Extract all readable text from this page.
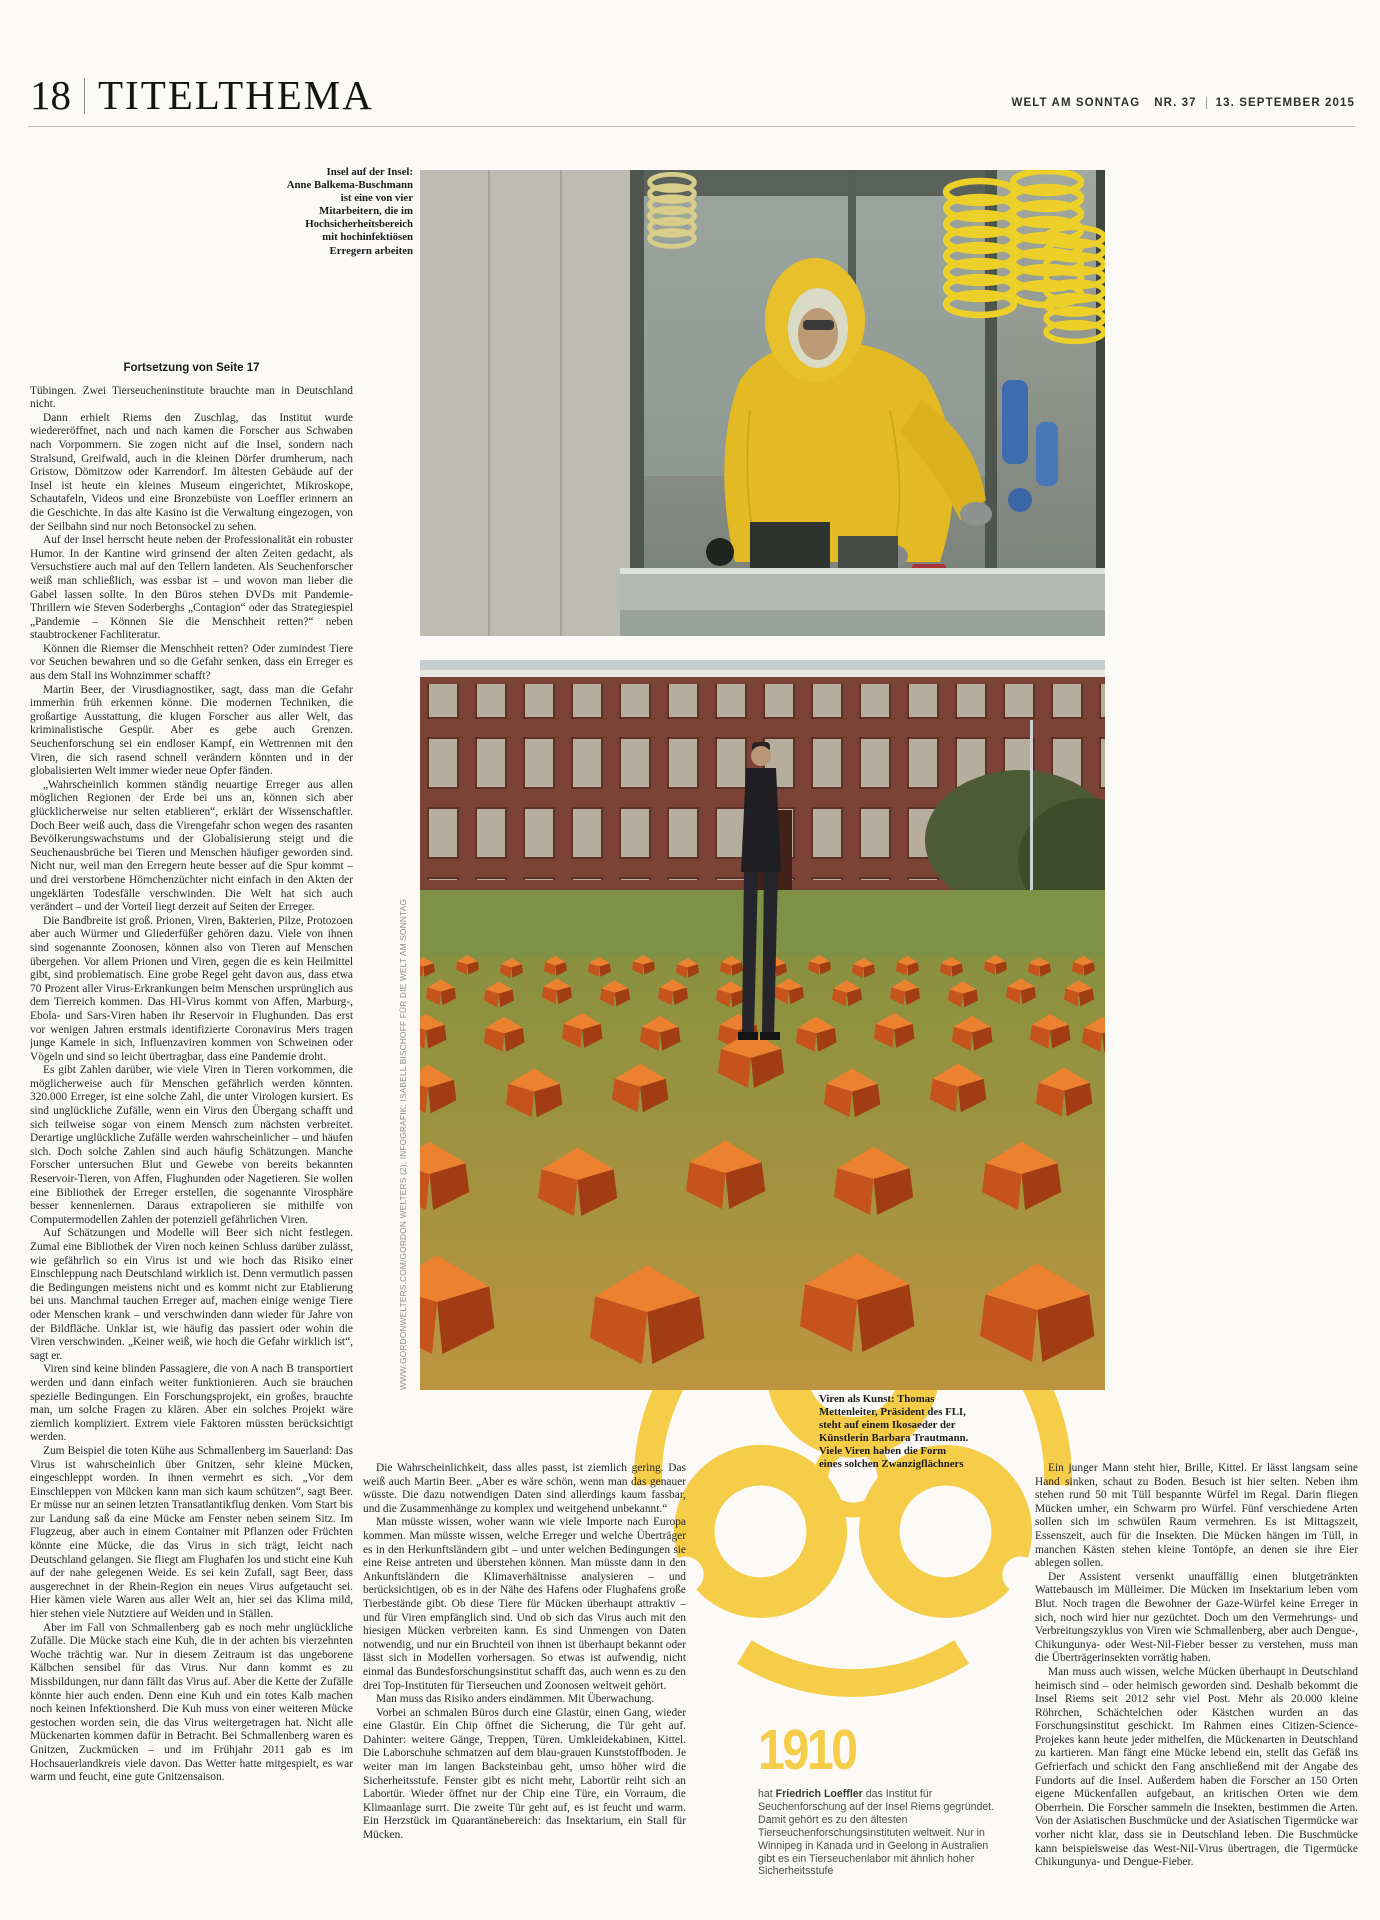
18 TITELTHEMA	WELT AM SONNTAG NR. 37 13. SEPTEMBER 2015
Insel auf der Insel:
Anne Balkema-Buschmann
ist eine von vier
Mitarbeitern, die im
Hochsicherheitsbereich
mit hochinfektiösen
Erregern arbeiten
WWW.GORDONWELTERS.COM/GORDON WELTERS (2); INFOGRAFIK: ISABELL BISCHOFF FÜR DIE WELT AM SONNTAG
Viren als Kunst: Thomas
Mettenleiter, Präsident des FLI,
steht auf einem Ikosaeder der
Künstlerin Barbara Trautmann.
Viele Viren haben die Form
eines solchen Zwanzigflächners
1910
hat Friedrich Loeffler das Institut für Seuchenforschung auf der Insel Riems gegründet. Damit gehört es zu den ältesten Tierseuchenforschungsinstituten weltweit. Nur in Winnipeg in Kanada und in Geelong in Australien gibt es ein Tierseuchenlabor mit ähnlich hoher Sicherheitsstufe
Fortsetzung von Seite 17

Tübingen. Zwei Tierseucheninstitute brauchte man in Deutschland nicht.

Dann erhielt Riems den Zuschlag, das Institut wurde wiedereröffnet, nach und nach kamen die Forscher aus Schwaben nach Vorpommern. Sie zogen nicht auf die Insel, sondern nach Stralsund, Greifwald, auch in die kleinen Dörfer drumherum, nach Gristow, Dömitzow oder Karrendorf. Im ältesten Gebäude auf der Insel ist heute ein kleines Museum eingerichtet, Mikroskope, Schautafeln, Videos und eine Bronzebüste von Loeffler erinnern an die Geschichte. In das alte Kasino ist die Verwaltung eingezogen, von der Seilbahn sind nur noch Betonsockel zu sehen.

Auf der Insel herrscht heute neben der Professionalität ein robuster Humor. In der Kantine wird grinsend der alten Zeiten gedacht, als Versuchstiere auch mal auf den Tellern landeten. Als Seuchenforscher weiß man schließlich, was essbar ist – und wovon man lieber die Gabel lassen sollte. In den Büros stehen DVDs mit Pandemie-Thrillern wie Steven Soderberghs „Contagion“ oder das Strategiespiel „Pandemie – Können Sie die Menschheit retten?“ neben staubtrockener Fachliteratur.

Können die Riemser die Menschheit retten? Oder zumindest Tiere vor Seuchen bewahren und so die Gefahr senken, dass ein Erreger es aus dem Stall ins Wohnzimmer schafft?

Martin Beer, der Virusdiagnostiker, sagt, dass man die Gefahr immerhin früh erkennen könne. Die modernen Techniken, die großartige Ausstattung, die klugen Forscher aus aller Welt, das kriminalistische Gespür. Aber es gebe auch Grenzen. Seuchenforschung sei ein endloser Kampf, ein Wettrennen mit den Viren, die sich rasend schnell verändern könnten und in der globalisierten Welt immer wieder neue Opfer fänden.

„Wahrscheinlich kommen ständig neuartige Erreger aus allen möglichen Regionen der Erde bei uns an, können sich aber glücklicherweise nur selten etablieren“, erklärt der Wissenschaftler. Doch Beer weiß auch, dass die Virengefahr schon wegen des rasanten Bevölkerungswachstums und der Globalisierung steigt und die Seuchenausbrüche bei Tieren und Menschen häufiger geworden sind. Nicht nur, weil man den Erregern heute besser auf die Spur kommt – und drei verstorbene Hörnchenzüchter nicht einfach in den Akten der ungeklärten Todesfälle verschwinden. Die Welt hat sich auch verändert – und der Vorteil liegt derzeit auf Seiten der Erreger.

Die Bandbreite ist groß. Prionen, Viren, Bakterien, Pilze, Protozoen aber auch Würmer und Gliederfüßer gehören dazu. Viele von ihnen sind sogenannte Zoonosen, können also von Tieren auf Menschen übergehen. Vor allem Prionen und Viren, gegen die es kein Heilmittel gibt, sind problematisch. Eine grobe Regel geht davon aus, dass etwa 70 Prozent aller Virus-Erkrankungen beim Menschen ursprünglich aus dem Tierreich kommen. Das HI-Virus kommt von Affen, Marburg-, Ebola- und Sars-Viren haben ihr Reservoir in Flughunden. Das erst vor wenigen Jahren erstmals identifizierte Coronavirus Mers tragen junge Kamele in sich, Influenzaviren kommen von Schweinen oder Vögeln und sind so leicht übertragbar, dass eine Pandemie droht.

Es gibt Zahlen darüber, wie viele Viren in Tieren vorkommen, die möglicherweise auch für Menschen gefährlich werden könnten. 320.000 Erreger, ist eine solche Zahl, die unter Virologen kursiert. Es sind unglückliche Zufälle, wenn ein Virus den Übergang schafft und sich teilweise sogar von einem Mensch zum nächsten verbreitet. Derartige unglückliche Zufälle werden wahrscheinlicher – und häufen sich. Doch solche Zahlen sind auch häufig Schätzungen. Manche Forscher untersuchen Blut und Gewebe von bereits bekannten Reservoir-Tieren, von Affen, Flughunden oder Nagetieren. Sie wollen eine Bibliothek der Erreger erstellen, die sogenannte Virosphäre besser kennenlernen. Daraus extrapolieren sie mithilfe von Computermodellen Zahlen der potenziell gefährlichen Viren.

Auf Schätzungen und Modelle will Beer sich nicht festlegen. Zumal eine Bibliothek der Viren noch keinen Schluss darüber zulässt, wie gefährlich so ein Virus ist und wie hoch das Risiko einer Einschleppung nach Deutschland wirklich ist. Denn vermutlich passen die Bedingungen meistens nicht und es kommt nicht zur Etablierung bei uns. Manchmal tauchen Erreger auf, machen einige wenige Tiere oder Menschen krank – und verschwinden dann wieder für Jahre von der Bildfläche. Unklar ist, wie häufig das passiert oder wohin die Viren verschwinden. „Keiner weiß, wie hoch die Gefahr wirklich ist“, sagt er.

Viren sind keine blinden Passagiere, die von A nach B transportiert werden und dann einfach weiter funktionieren. Auch sie brauchen spezielle Bedingungen. Ein Forschungsprojekt, ein großes, brauchte man, um solche Fragen zu klären. Aber ein solches Projekt wäre ziemlich kompliziert. Extrem viele Faktoren müssten berücksichtigt werden.

Zum Beispiel die toten Kühe aus Schmallenberg im Sauerland: Das Virus ist wahrscheinlich über Gnitzen, sehr kleine Mücken, eingeschleppt worden. In ihnen vermehrt es sich. „Vor dem Einschleppen von Mücken kann man sich kaum schützen“, sagt Beer. Er müsse nur an seinen letzten Transatlantikflug denken. Vom Start bis zur Landung saß da eine Mücke am Fenster neben seinem Sitz. Im Flugzeug, aber auch in einem Container mit Pflanzen oder Früchten könnte eine Mücke, die das Virus in sich trägt, leicht nach Deutschland gelangen. Sie fliegt am Flughafen los und sticht eine Kuh auf der nahe gelegenen Weide. Es sei kein Zufall, sagt Beer, dass ausgerechnet in der Rhein-Region ein neues Virus aufgetaucht sei. Hier kämen viele Waren aus aller Welt an, hier sei das Klima mild, hier stehen viele Nutztiere auf Weiden und in Ställen.

Aber im Fall von Schmallenberg gab es noch mehr unglückliche Zufälle. Die Mücke stach eine Kuh, die in der achten bis vierzehnten Woche trächtig war. Nur in diesem Zeitraum ist das ungeborene Kälbchen sensibel für das Virus. Nur dann kommt es zu Missbildungen, nur dann fällt das Virus auf. Aber die Kette der Zufälle könnte hier auch enden. Denn eine Kuh und ein totes Kalb machen noch keinen Infektionsherd. Die Kuh muss von einer weiteren Mücke gestochen worden sein, die das Virus weitergetragen hat. Nicht alle Mückenarten kommen dafür in Betracht. Bei Schmallenberg waren es Gnitzen, Zuckmücken – und im Frühjahr 2011 gab es im Hochsauerlandkreis viele davon. Das Wetter hatte mitgespielt, es war warm und feucht, eine gute Gnitzensaison.

Die Wahrscheinlichkeit, dass alles passt, ist ziemlich gering. Das weiß auch Martin Beer. „Aber es wäre schön, wenn man das genauer wüsste. Die dazu notwendigen Daten sind allerdings kaum fassbar, und die Zusammenhänge zu komplex und weitgehend unbekannt.“

Man müsste wissen, woher wann wie viele Importe nach Europa kommen. Man müsste wissen, welche Erreger und welche Überträger es in den Herkunftsländern gibt – und unter welchen Bedingungen sie eine Reise antreten und überstehen können. Man müsste dann in den Ankunftsländern die Klimaverhältnisse analysieren – und berücksichtigen, ob es in der Nähe des Hafens oder Flughafens große Tierbestände gibt. Ob diese Tiere für Mücken überhaupt attraktiv – und für Viren empfänglich sind. Und ob sich das Virus auch mit den hiesigen Mücken verbreiten kann. Es sind Unmengen von Daten notwendig, und nur ein Bruchteil von ihnen ist überhaupt bekannt oder lässt sich in Modellen vorhersagen. So etwas ist aufwendig, nicht einmal das Bundesforschungsinstitut schafft das, auch wenn es zu den drei Top-Instituten für Tierseuchen und Zoonosen weltweit gehört.

Man muss das Risiko anders eindämmen. Mit Überwachung.

Vorbei an schmalen Büros durch eine Glastür, einen Gang, wieder eine Glastür. Ein Chip öffnet die Sicherung, die Tür geht auf. Dahinter: weitere Gänge, Treppen, Türen. Umkleidekabinen, Kittel. Die Laborschuhe schmatzen auf dem blau-grauen Kunststoffboden. Je weiter man im langen Backsteinbau geht, umso höher wird die Sicherheitsstufe. Fenster gibt es nicht mehr, Labortür reiht sich an Labortür. Wieder öffnet nur der Chip eine Türe, ein Vorraum, die Klimaanlage surrt. Die zweite Tür geht auf, es ist feucht und warm. Ein Herzstück im Quarantänebereich: das Insektarium, ein Stall für Mücken.

Ein junger Mann steht hier, Brille, Kittel. Er lässt langsam seine Hand sinken, schaut zu Boden. Besuch ist hier selten. Neben ihm stehen rund 50 mit Tüll bespannte Würfel im Regal. Darin fliegen Mücken umher, ein Schwarm pro Würfel. Fünf verschiedene Arten sollen sich im schwülen Raum vermehren. Es ist Mittagszeit, Essenszeit, auch für die Insekten. Die Mücken hängen im Tüll, in manchen Kästen stehen kleine Tontöpfe, an denen sie ihre Eier ablegen sollen.

Der Assistent versenkt unauffällig einen blutgetränkten Wattebausch im Mülleimer. Die Mücken im Insektarium leben vom Blut. Noch tragen die Bewohner der Gaze-Würfel keine Erreger in sich, noch wird hier nur gezüchtet. Doch um den Vermehrungs- und Verbreitungszyklus von Viren wie Schmallenberg, aber auch Dengue-, Chikungunya- oder West-Nil-Fieber besser zu verstehen, muss man die Überträgerinsekten vorrätig haben.

Man muss auch wissen, welche Mücken überhaupt in Deutschland heimisch sind – oder heimisch geworden sind. Deshalb bekommt die Insel Riems seit 2012 sehr viel Post. Mehr als 20.000 kleine Röhrchen, Schächtelchen oder Kästchen wurden an das Forschungsinstitut geschickt. Im Rahmen eines Citizen-Science-Projekes kann heute jeder mithelfen, die Mückenarten in Deutschland zu kartieren. Man fängt eine Mücke lebend ein, stellt das Gefäß ins Gefrierfach und schickt den Fang anschließend mit der Angabe des Fundorts auf die Insel. Außerdem haben die Forscher an 150 Orten eigene Mückenfallen aufgebaut, an kritischen Orten wie dem Oberrhein. Die Forscher sammeln die Insekten, bestimmen die Arten. Von der Asiatischen Buschmücke und der Asiatischen Tigermücke war vorher nicht klar, dass sie in Deutschland leben. Die Buschmücke kann beispielsweise das West-Nil-Virus übertragen, die Tigermücke Chikungunya- und Dengue-Fieber.
